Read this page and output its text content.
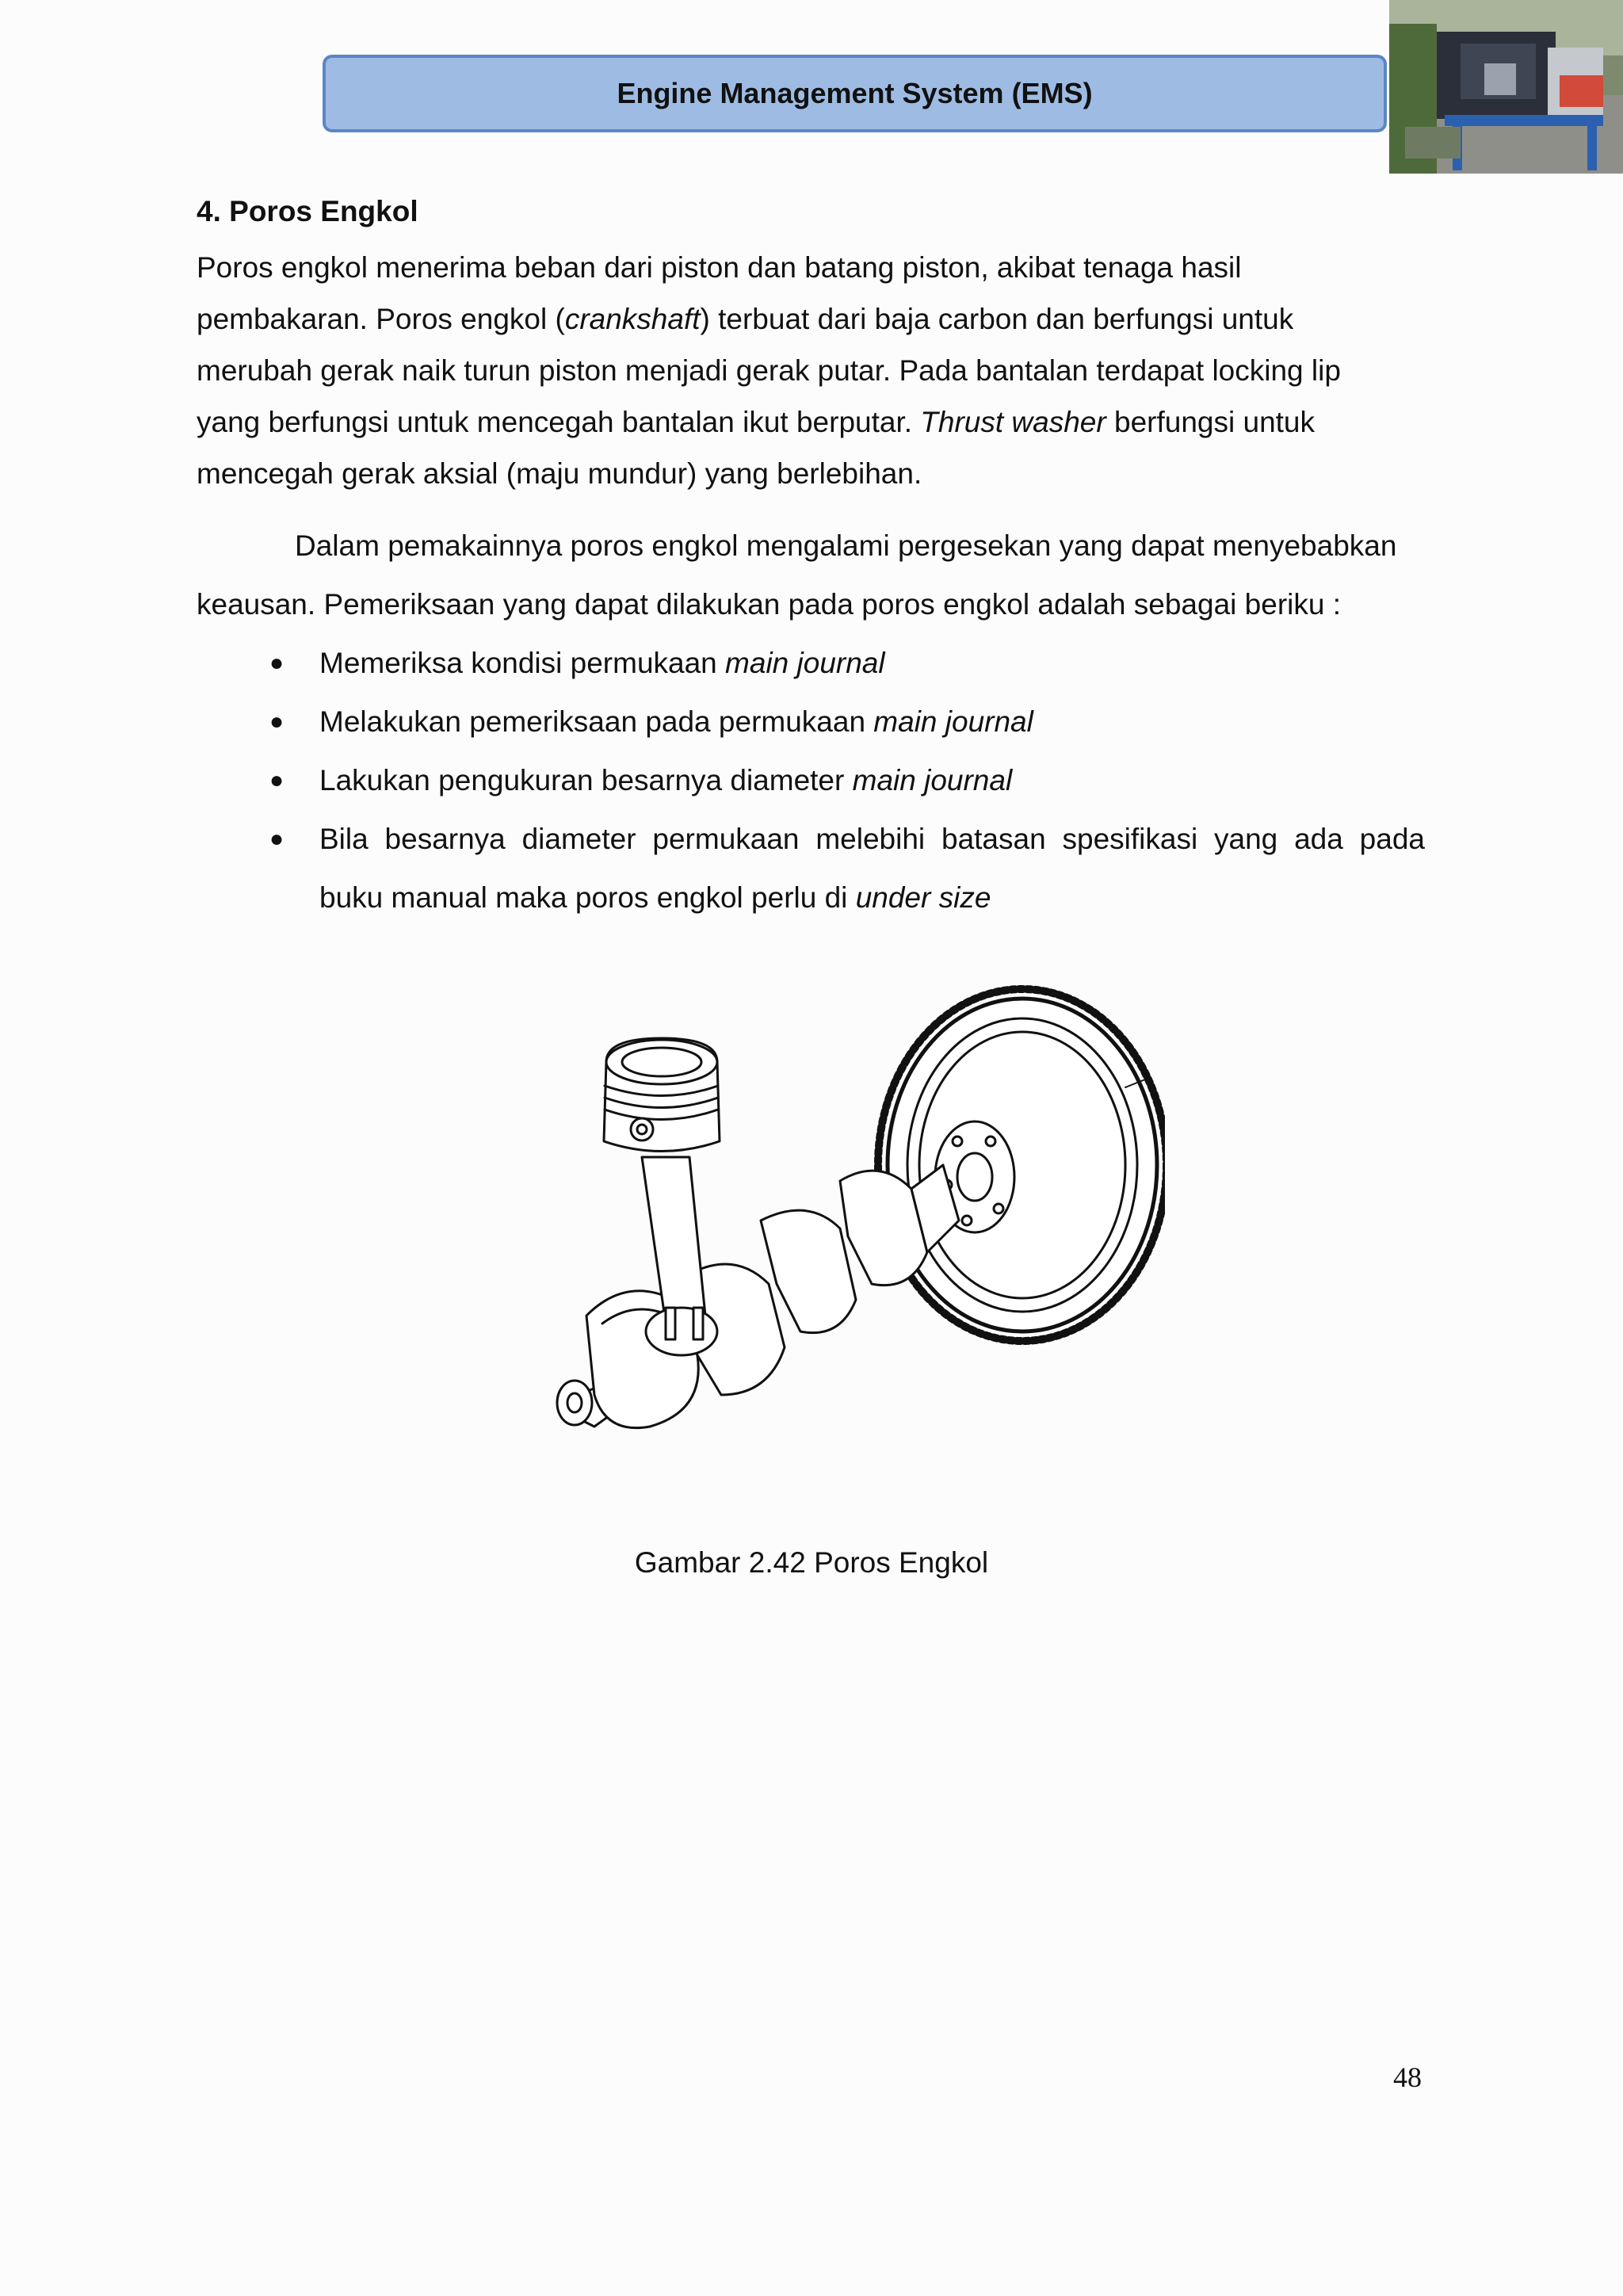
Engine Management System (EMS)
4. Poros Engkol

Poros engkol menerima beban dari piston dan batang piston, akibat tenaga hasil
pembakaran. Poros engkol (crankshaft) terbuat dari baja carbon dan berfungsi untuk
merubah gerak naik turun piston menjadi gerak putar. Pada bantalan terdapat locking lip
yang berfungsi untuk mencegah bantalan ikut berputar. Thrust washer berfungsi untuk
mencegah gerak aksial (maju mundur) yang berlebihan.

Dalam pemakainnya poros engkol mengalami pergesekan yang dapat menyebabkan
keausan. Pemeriksaan yang dapat dilakukan pada poros engkol adalah sebagai beriku :

● Memeriksa kondisi permukaan main journal
● Melakukan pemeriksaan pada permukaan main journal
● Lakukan pengukuran besarnya diameter main journal
● Bila besarnya diameter permukaan melebihi batasan spesifikasi yang ada pada
buku manual maka poros engkol perlu di under size
Gambar 2.42 Poros Engkol
48
